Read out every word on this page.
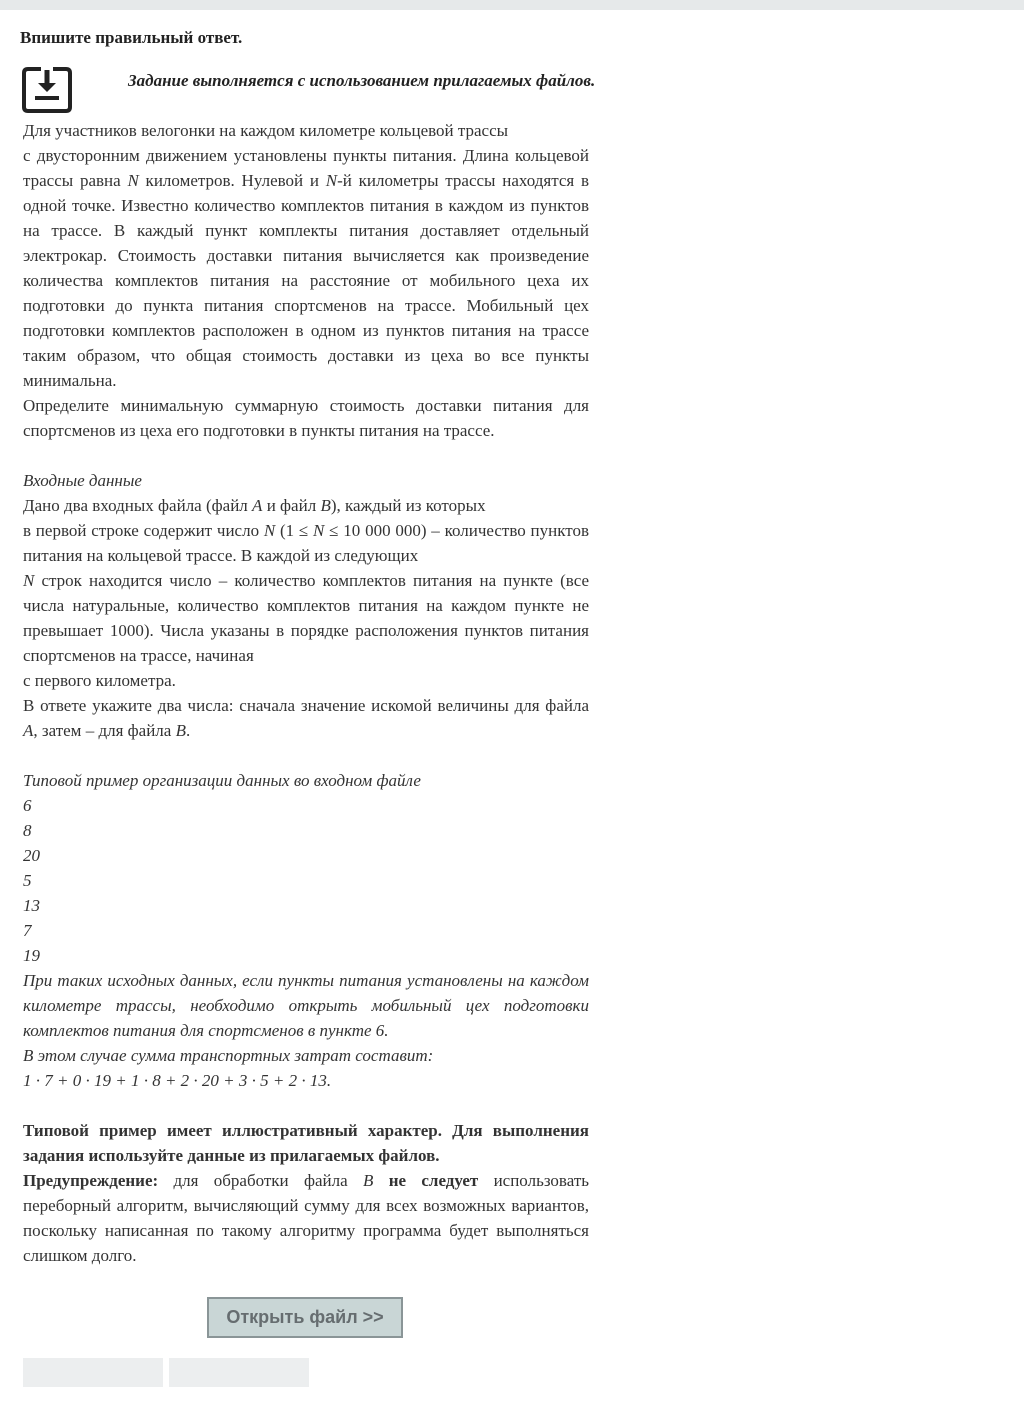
Впишите правильный ответ.
Задание выполняется с использованием прилагаемых файлов.

Для участников велогонки на каждом километре кольцевой трассы

с двусторонним движением установлены пункты питания. Длина кольцевой трассы равна N километров. Нулевой и N-й километры трассы находятся в одной точке. Известно количество комплектов питания в каждом из пунктов на трассе. В каждый пункт комплекты питания доставляет отдельный электрокар. Стоимость доставки питания вычисляется как произведение количества комплектов питания на расстояние от мобильного цеха их подготовки до пункта питания спортсменов на трассе. Мобильный цех подготовки комплектов расположен в одном из пунктов питания на трассе таким образом, что общая стоимость доставки из цеха во все пункты минимальна.

Определите минимальную суммарную стоимость доставки питания для спортсменов из цеха его подготовки в пункты питания на трассе.

Входные данные

Дано два входных файла (файл A и файл B), каждый из которых

в первой строке содержит число N (1 ≤ N ≤ 10 000 000) – количество пунктов питания на кольцевой трассе. В каждой из следующих

N строк находится число – количество комплектов питания на пункте (все числа натуральные, количество комплектов питания на каждом пункте не превышает 1000). Числа указаны в порядке расположения пунктов питания спортсменов на трассе, начиная

с первого километра.

В ответе укажите два числа: сначала значение искомой величины для файла A, затем – для файла B.

Типовой пример организации данных во входном файле

6

8

20

5

13

7

19

При таких исходных данных, если пункты питания установлены на каждом километре трассы, необходимо открыть мобильный цех подготовки комплектов питания для спортсменов в пункте 6.

В этом случае сумма транспортных затрат составит:

1 · 7 + 0 · 19 + 1 · 8 + 2 · 20 + 3 · 5 + 2 · 13.

Типовой пример имеет иллюстративный характер. Для выполнения задания используйте данные из прилагаемых файлов.

Предупреждение: для обработки файла B не следует использовать переборный алгоритм, вычисляющий сумму для всех возможных вариантов, поскольку написанная по такому алгоритму программа будет выполняться слишком долго.

Открыть файл >>
